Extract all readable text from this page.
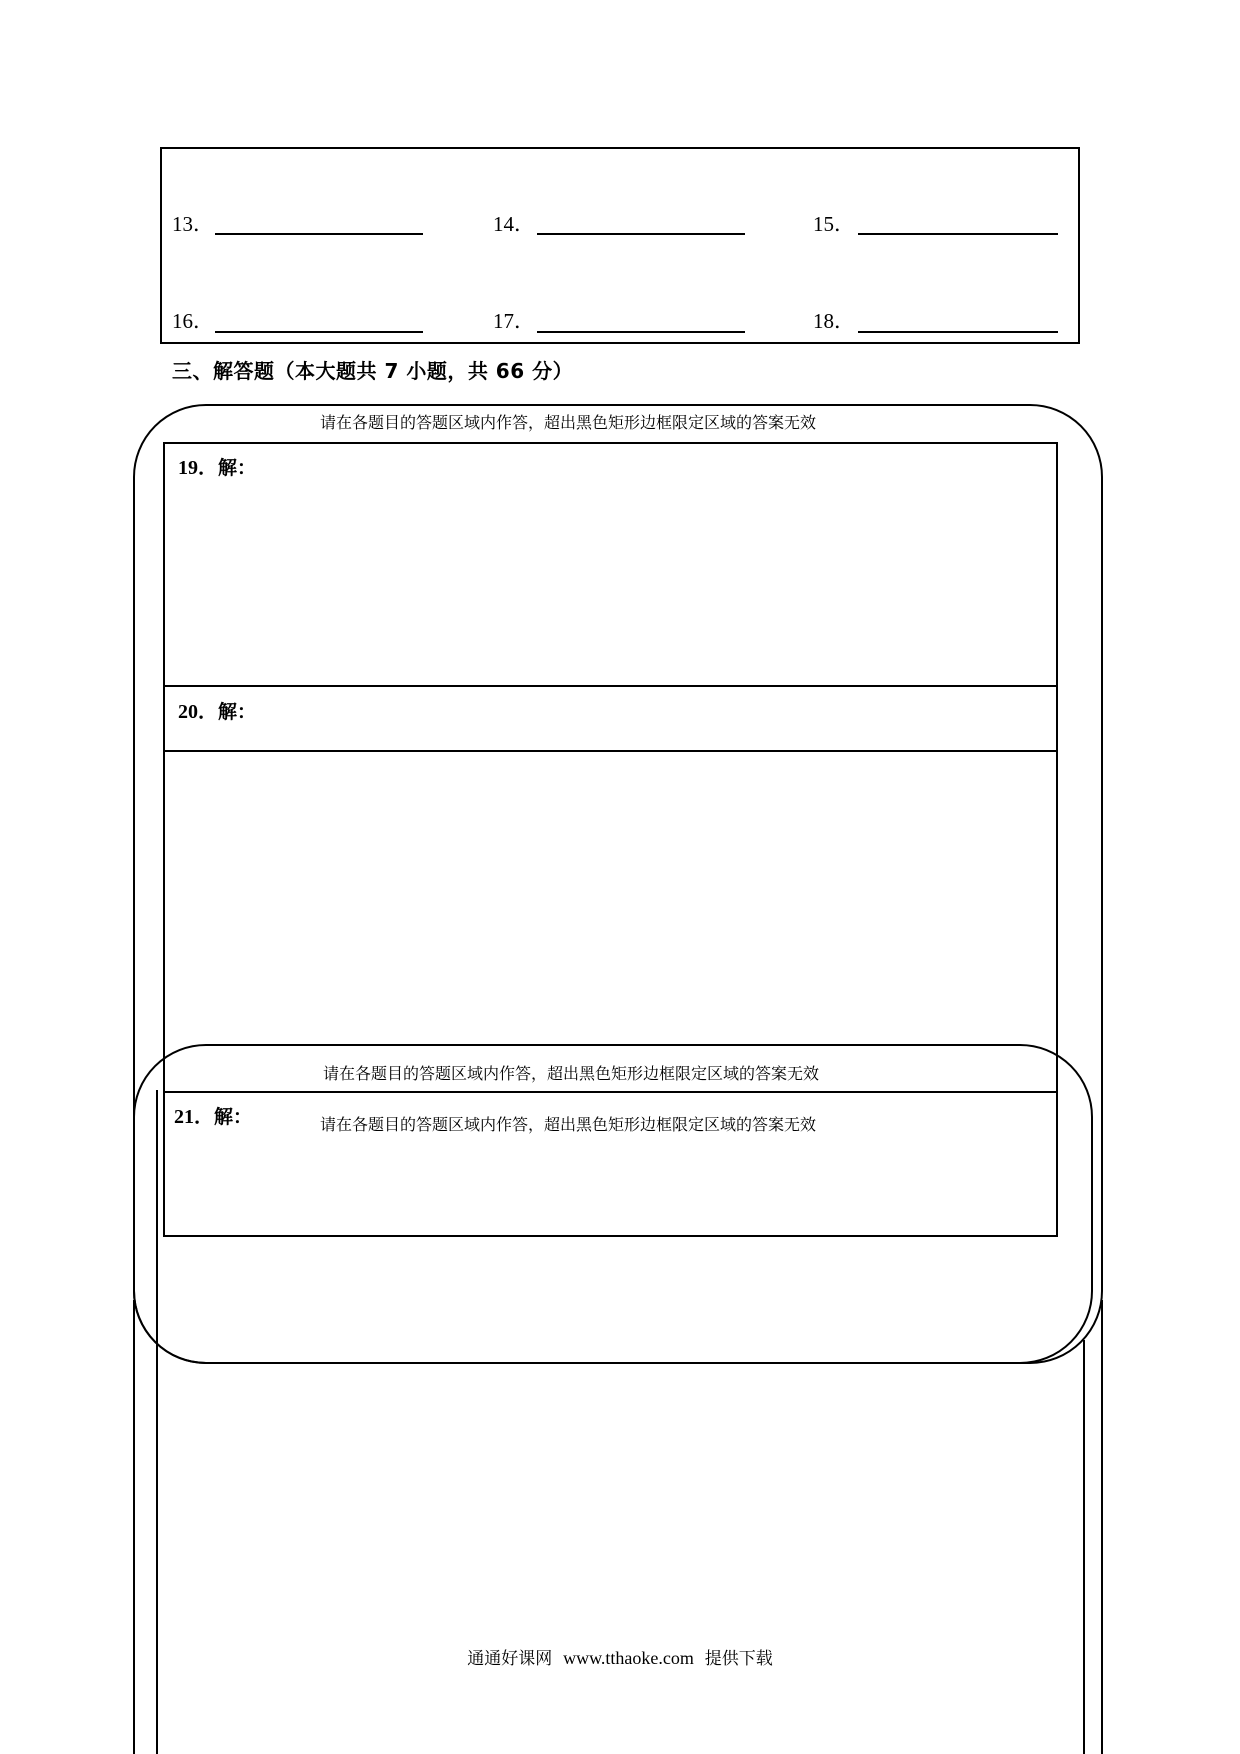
13．	14．	15．
16．	17．	18．
三、解答题（本大题共 7 小题，共 66 分）
请在各题目的答题区域内作答，超出黑色矩形边框限定区域的答案无效
19．解：
20．解：
请在各题目的答题区域内作答，超出黑色矩形边框限定区域的答案无效
21．解：	请在各题目的答题区域内作答，超出黑色矩形边框限定区域的答案无效
通通好课网 www.tthaoke.com 提供下载
